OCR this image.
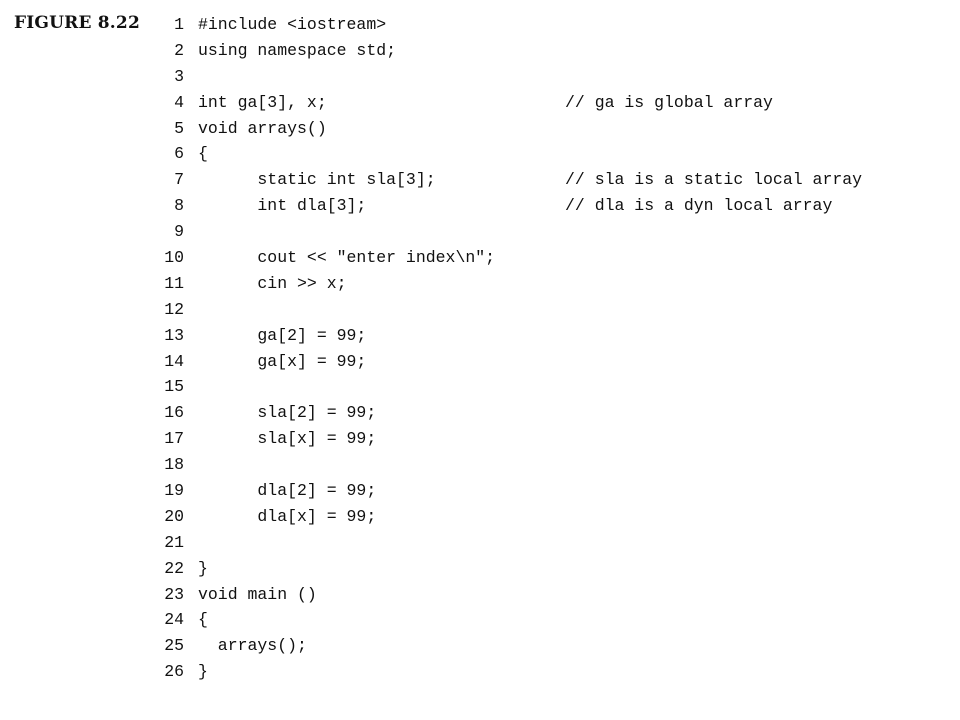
FIGURE 8.22 1 #include <iostream>
2 using namespace std;
3
4 int ga[3], x;	// ga is global array
5 void arrays()
6 {
7 static int sla[3];	// sla is a static local array
8 int dla[3];	// dla is a dyn local array
9
10 cout << "enter index\n";
11 cin >> x;
12
13 ga[2] = 99;
14 ga[x] = 99;
15
16 sla[2] = 99;
17 sla[x] = 99;
18
19 dla[2] = 99;
20 dla[x] = 99;
21
22 }
23 void main ()
24 {
25 arrays();
26 }
